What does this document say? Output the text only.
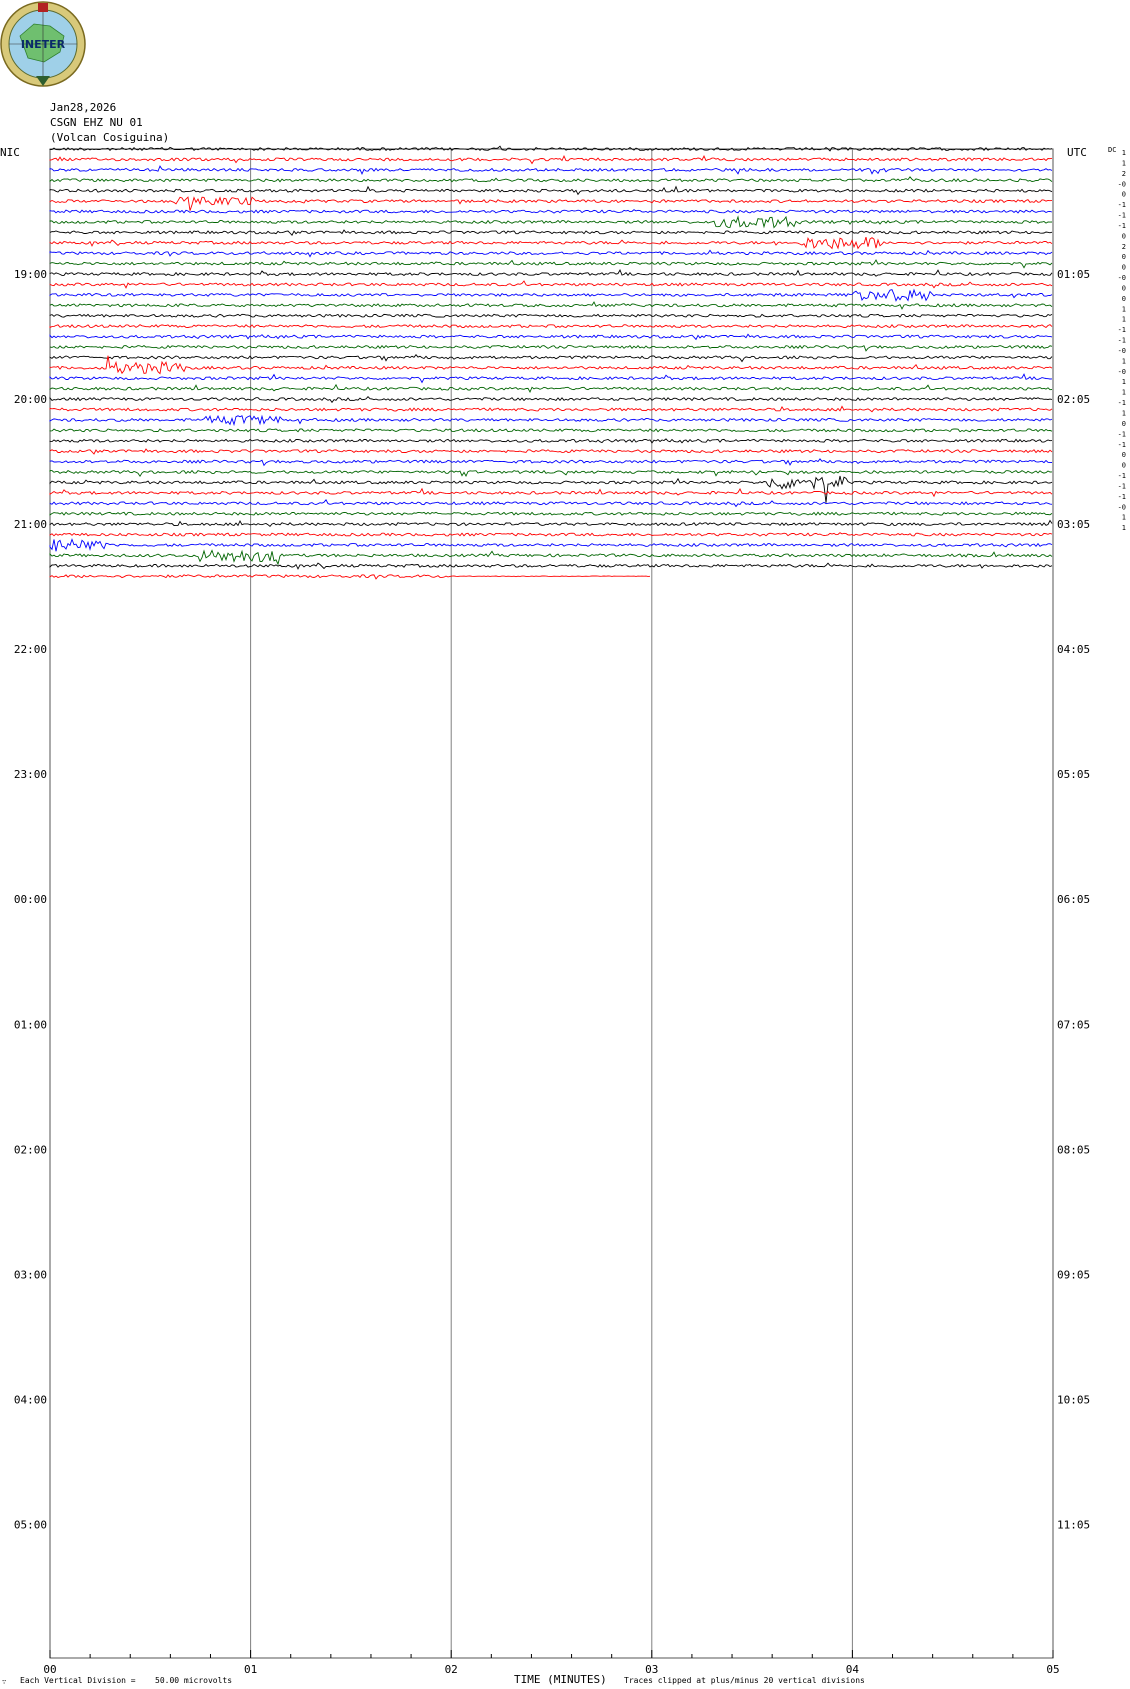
INETER
19:00
20:00
21:00
22:00
23:00
00:00
01:00
02:00
03:00
04:00
05:00
01:05
02:05
03:05
04:05
05:05
06:05
07:05
08:05
09:05
10:05
11:05
1
1
2
-0
0
-1
-1
-1
0
2
0
0
-0
0
0
1
1
-1
-1
-0
1
-0
1
1
-1
1
0
-1
-1
0
0
-1
-1
-1
-0
1
1
00	01	02	03	04	05
Jan28,2026
CSGN EHZ NU 01
(Volcan Cosiguina)
NIC	UTC	DC
∵ Each Vertical Division = 50.00 microvolts	TIME (MINUTES) Traces clipped at plus/minus 20 vertical divisions
